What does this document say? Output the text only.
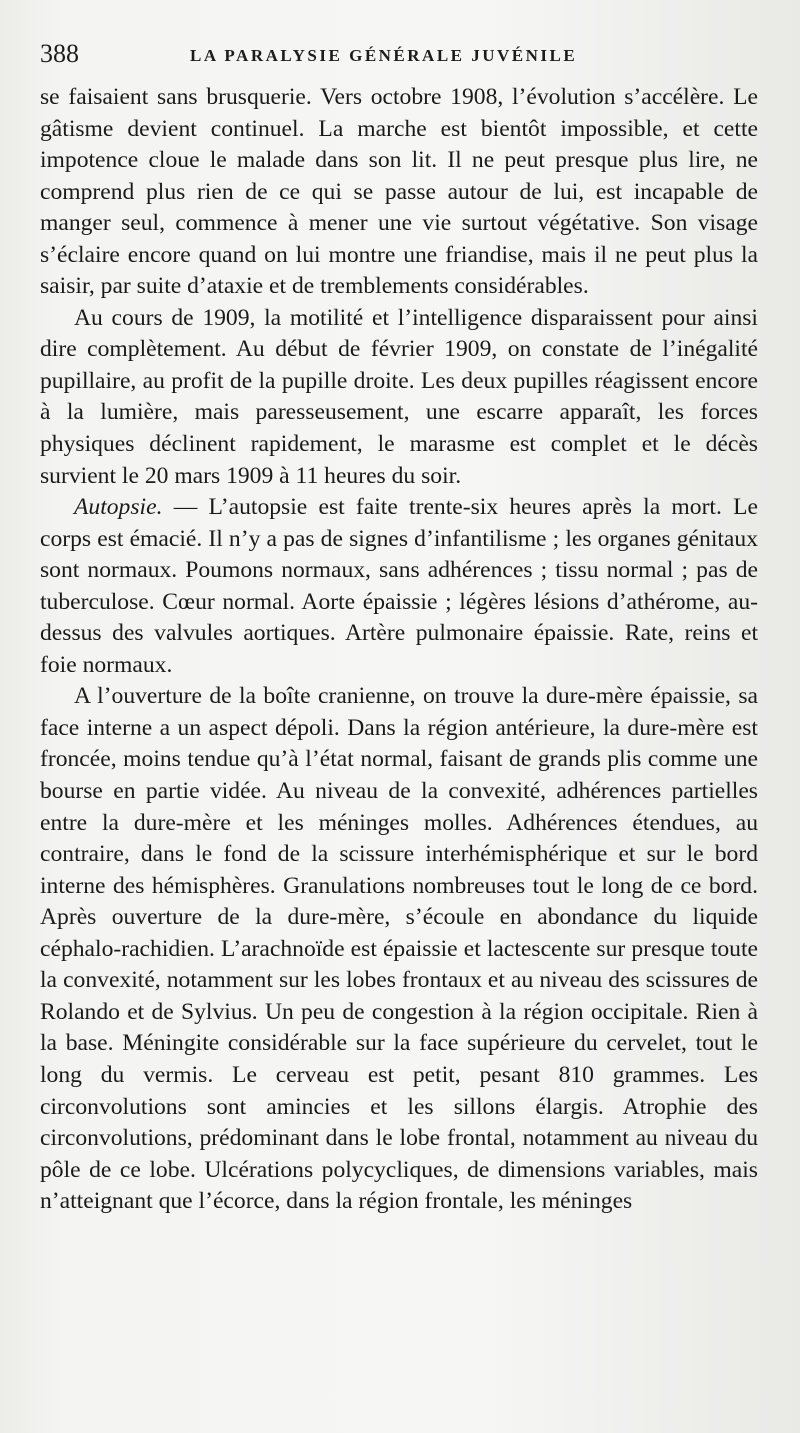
388	LA PARALYSIE GÉNÉRALE JUVÉNILE

se faisaient sans brusquerie. Vers octobre 1908, l’évolution s’accélère. Le gâtisme devient continuel. La marche est bientôt impossible, et cette impotence cloue le malade dans son lit. Il ne peut presque plus lire, ne comprend plus rien de ce qui se passe autour de lui, est incapable de manger seul, commence à mener une vie surtout végétative. Son visage s’éclaire encore quand on lui montre une friandise, mais il ne peut plus la saisir, par suite d’ataxie et de tremblements considérables.

Au cours de 1909, la motilité et l’intelligence disparaissent pour ainsi dire complètement. Au début de février 1909, on constate de l’inégalité pupillaire, au profit de la pupille droite. Les deux pupilles réagissent encore à la lumière, mais paresseusement, une escarre apparaît, les forces physiques déclinent rapidement, le marasme est complet et le décès survient le 20 mars 1909 à 11 heures du soir.

Autopsie. — L’autopsie est faite trente-six heures après la mort. Le corps est émacié. Il n’y a pas de signes d’infantilisme ; les organes génitaux sont normaux. Poumons normaux, sans adhérences ; tissu normal ; pas de tuberculose. Cœur normal. Aorte épaissie ; légères lésions d’athérome, au-dessus des valvules aortiques. Artère pulmonaire épaissie. Rate, reins et foie normaux.

A l’ouverture de la boîte cranienne, on trouve la dure-mère épaissie, sa face interne a un aspect dépoli. Dans la région antérieure, la dure-mère est froncée, moins tendue qu’à l’état normal, faisant de grands plis comme une bourse en partie vidée. Au niveau de la convexité, adhérences partielles entre la dure-mère et les méninges molles. Adhérences étendues, au contraire, dans le fond de la scissure interhémisphérique et sur le bord interne des hémisphères. Granulations nombreuses tout le long de ce bord. Après ouverture de la dure-mère, s’écoule en abondance du liquide céphalo-rachidien. L’arachnoïde est épaissie et lactescente sur presque toute la convexité, notamment sur les lobes frontaux et au niveau des scissures de Rolando et de Sylvius. Un peu de congestion à la région occipitale. Rien à la base. Méningite considérable sur la face supérieure du cervelet, tout le long du vermis. Le cerveau est petit, pesant 810 grammes. Les circonvolutions sont amincies et les sillons élargis. Atrophie des circonvolutions, prédominant dans le lobe frontal, notamment au niveau du pôle de ce lobe. Ulcérations polycycliques, de dimensions variables, mais n’atteignant que l’écorce, dans la région frontale, les méninges
